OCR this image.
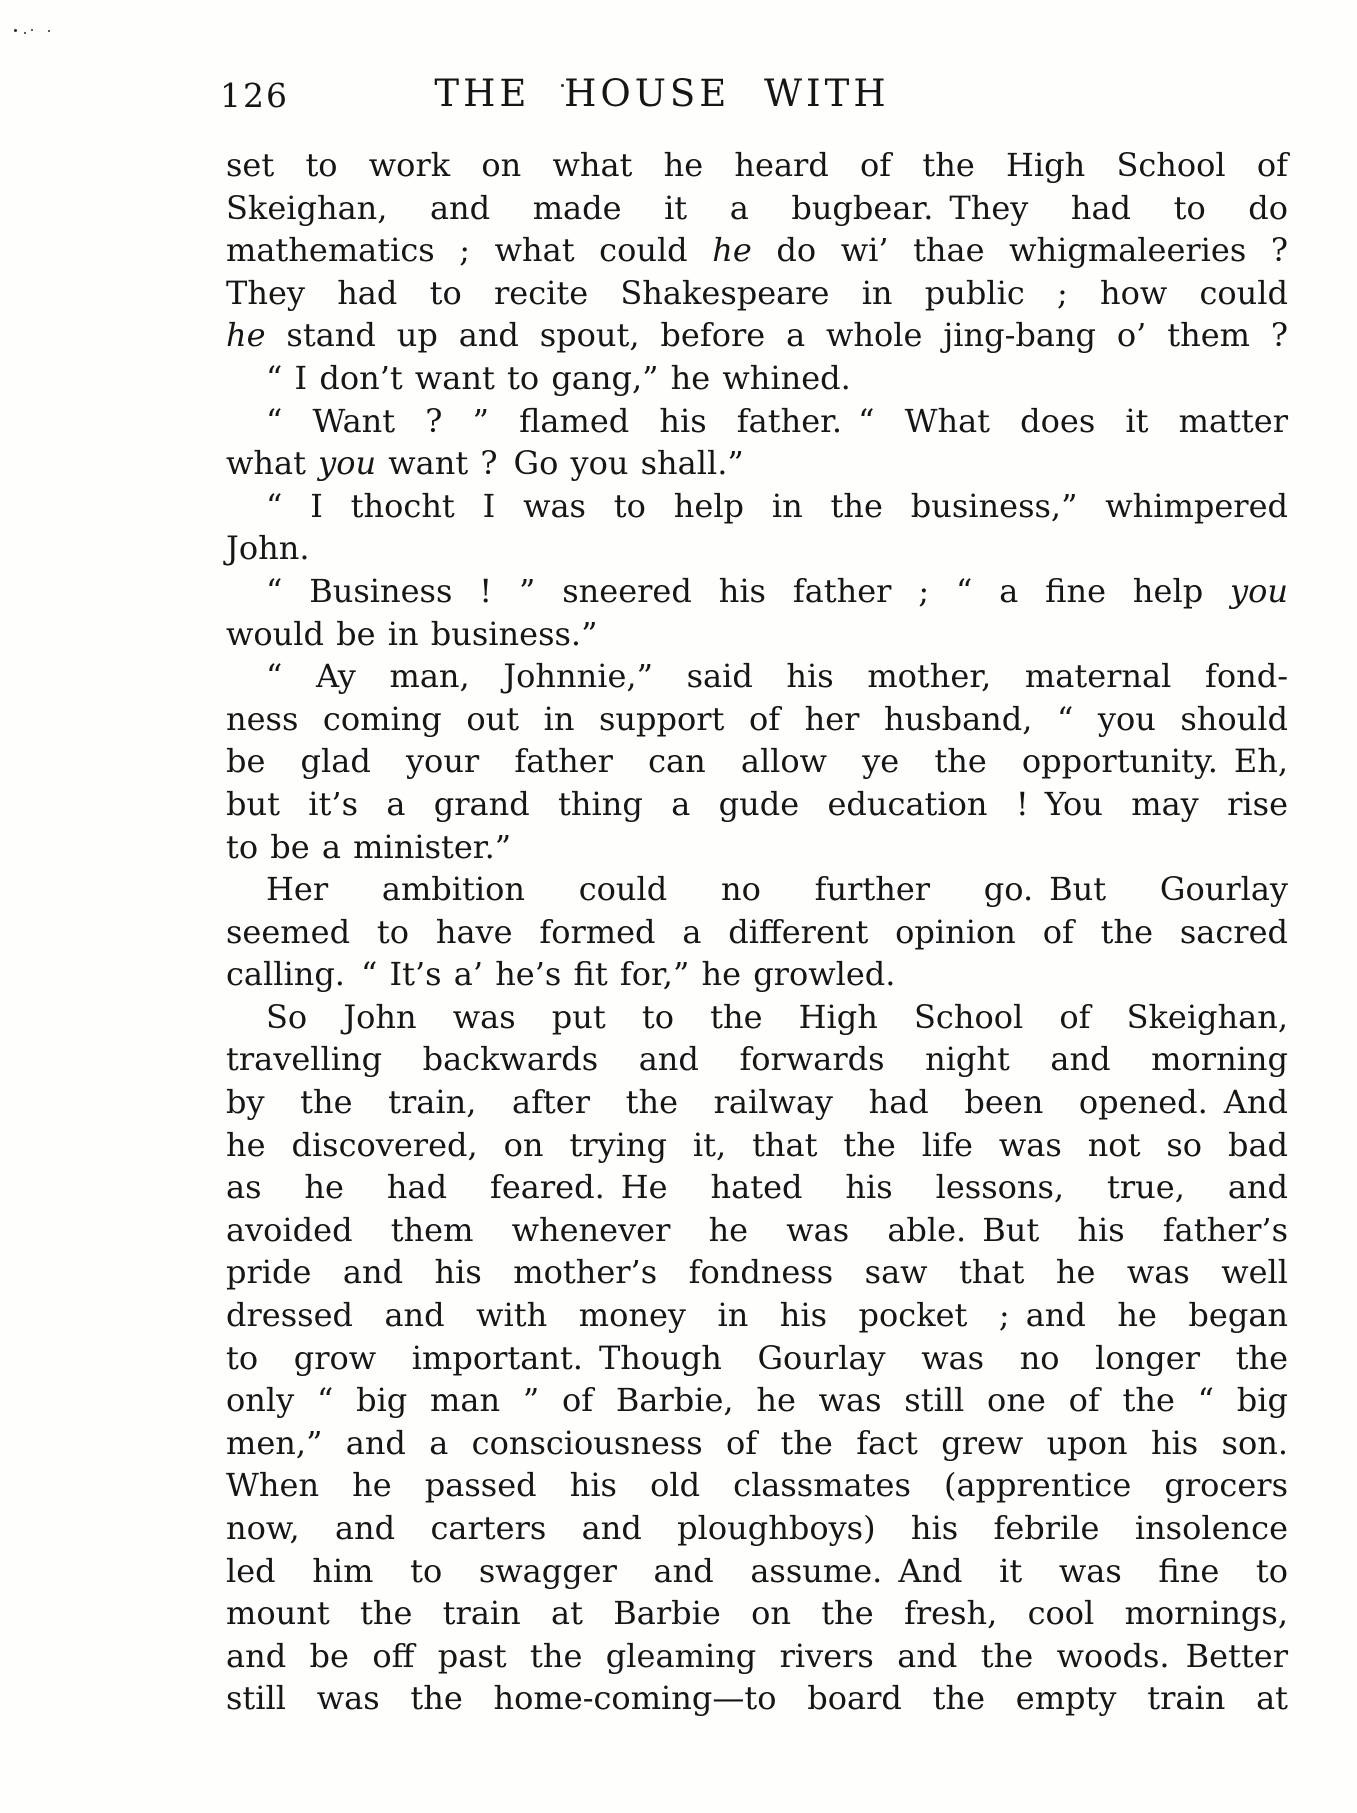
126	THE HOUSE WITH
set to work on what he heard of the High School of
Skeighan, and made it a bugbear. They had to do
mathematics ; what could he do wi’ thae whigmaleeries ?
They had to recite Shakespeare in public ; how could
he stand up and spout, before a whole jing-bang o’ them ?
“ I don’t want to gang,” he whined.
“ Want ? ” flamed his father. “ What does it matter
what you want ? Go you shall.”
“ I thocht I was to help in the business,” whimpered
John.
“ Business ! ” sneered his father ; “ a fine help you
would be in business.”
“ Ay man, Johnnie,” said his mother, maternal fond-
ness coming out in support of her husband, “ you should
be glad your father can allow ye the opportunity. Eh,
but it’s a grand thing a gude education ! You may rise
to be a minister.”
Her ambition could no further go. But Gourlay
seemed to have formed a different opinion of the sacred
calling. “ It’s a’ he’s fit for,” he growled.
So John was put to the High School of Skeighan,
travelling backwards and forwards night and morning
by the train, after the railway had been opened. And
he discovered, on trying it, that the life was not so bad
as he had feared. He hated his lessons, true, and
avoided them whenever he was able. But his father’s
pride and his mother’s fondness saw that he was well
dressed and with money in his pocket ; and he began
to grow important. Though Gourlay was no longer the
only “ big man ” of Barbie, he was still one of the “ big
men,” and a consciousness of the fact grew upon his son.
When he passed his old classmates (apprentice grocers
now, and carters and ploughboys) his febrile insolence
led him to swagger and assume. And it was fine to
mount the train at Barbie on the fresh, cool mornings,
and be off past the gleaming rivers and the woods. Better
still was the home-coming—to board the empty train at
